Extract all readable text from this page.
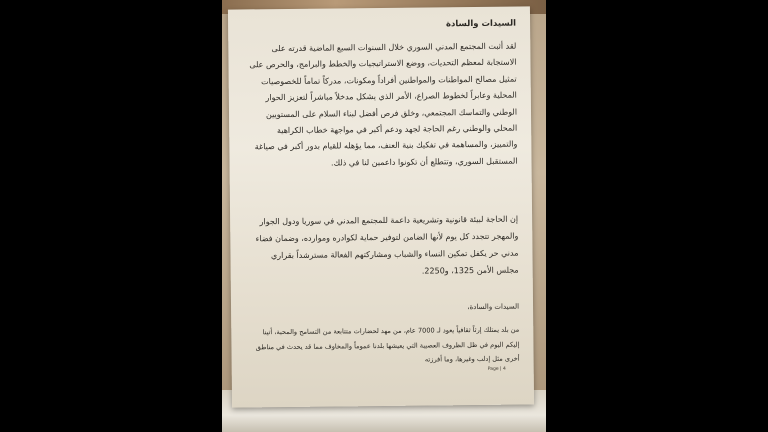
السيدات والسادة
لقد أثبت المجتمع المدني السوري خلال السنوات السبع الماضية قدرته على الاستجابة لمعظم التحديات، ووضع الاستراتيجيات والخطط والبرامج، والحرص على تمثيل مصالح المواطنات والمواطنين أفراداً ومكونات، مدركاً تماماً للخصوصيات المحلية وعابراً لخطوط الصراع، الأمر الذي يشكل مدخلاً مباشراً لتعزيز الحوار الوطني والتماسك المجتمعي، وخلق فرص أفضل لبناء السلام على المستويين المحلي والوطني رغم الحاجة لجهد ودعم أكبر في مواجهة خطاب الكراهية والتمييز، والمساهمة في تفكيك بنية العنف، مما يؤهله للقيام بدور أكبر في صياغة المستقبل السوري، وتتطلع أن تكونوا داعمين لنا في ذلك.
إن الحاجة لبيئة قانونية وتشريعية داعمة للمجتمع المدني في سوريا ودول الجوار والمهجر تتجدد كل يوم لأنها الضامن لتوفير حماية لكوادره وموارده، وضمان فضاء مدني حر يكفل تمكين النساء والشباب ومشاركتهم الفعالة مسترشداً بقراري مجلس الأمن 1325، و2250.
السيدات والسادة،
من بلد يمتلك إرثاً ثقافياً يعود لـ 7000 عام، من مهد لحضارات متتابعة من التسامح والمحبة، أتينا إليكم اليوم في ظل الظروف العصيبة التي يعيشها بلدنا عموماً والمخاوف مما قد يحدث في مناطق أخرى مثل إدلب وغيرها، وما أفرزته
Page | 4
